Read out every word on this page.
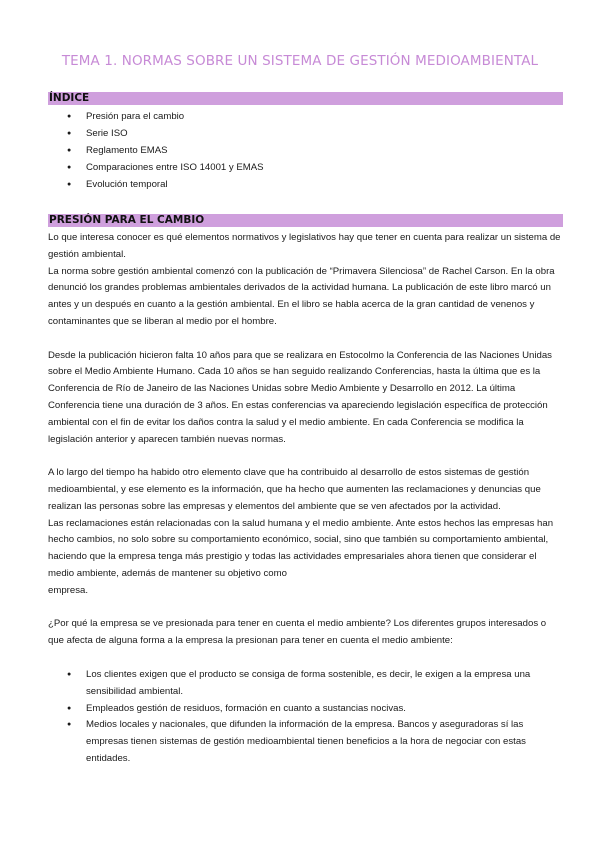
TEMA 1. NORMAS SOBRE UN SISTEMA DE GESTIÓN MEDIOAMBIENTAL
ÍNDICE
● Presión para el cambio
● Serie ISO
● Reglamento EMAS
● Comparaciones entre ISO 14001 y EMAS
● Evolución temporal
PRESIÓN PARA EL CAMBIO

Lo que interesa conocer es qué elementos normativos y legislativos hay que tener en cuenta para realizar un sistema de gestión ambiental.

La norma sobre gestión ambiental comenzó con la publicación de “Primavera Silenciosa” de Rachel Carson. En la obra denunció los grandes problemas ambientales derivados de la actividad humana. La publicación de este libro marcó un antes y un después en cuanto a la gestión ambiental. En el libro se habla acerca de la gran cantidad de venenos y contaminantes que se liberan al medio por el hombre.

Desde la publicación hicieron falta 10 años para que se realizara en Estocolmo la Conferencia de las Naciones Unidas sobre el Medio Ambiente Humano. Cada 10 años se han seguido realizando Conferencias, hasta la última que es la Conferencia de Río de Janeiro de las Naciones Unidas sobre Medio Ambiente y Desarrollo en 2012. La última Conferencia tiene una duración de 3 años. En estas conferencias va apareciendo legislación específica de protección ambiental con el fin de evitar los daños contra la salud y el medio ambiente. En cada Conferencia se modifica la legislación anterior y aparecen también nuevas normas.

A lo largo del tiempo ha habido otro elemento clave que ha contribuido al desarrollo de estos sistemas de gestión medioambiental, y ese elemento es la información, que ha hecho que aumenten las reclamaciones y denuncias que realizan las personas sobre las empresas y elementos del ambiente que se ven afectados por la actividad.

Las reclamaciones están relacionadas con la salud humana y el medio ambiente. Ante estos hechos las empresas han hecho cambios, no solo sobre su comportamiento económico, social, sino que también su comportamiento ambiental, haciendo que la empresa tenga más prestigio y todas las actividades empresariales ahora tienen que considerar el medio ambiente, además de mantener su objetivo como

empresa.

¿Por qué la empresa se ve presionada para tener en cuenta el medio ambiente? Los diferentes grupos interesados o que afecta de alguna forma a la empresa la presionan para tener en cuenta el medio ambiente:

● Los clientes exigen que el producto se consiga de forma sostenible, es decir, le exigen a la empresa una sensibilidad ambiental.
● Empleados gestión de residuos, formación en cuanto a sustancias nocivas.
● Medios locales y nacionales, que difunden la información de la empresa. Bancos y aseguradoras sí las empresas tienen sistemas de gestión medioambiental tienen beneficios a la hora de negociar con estas entidades.
